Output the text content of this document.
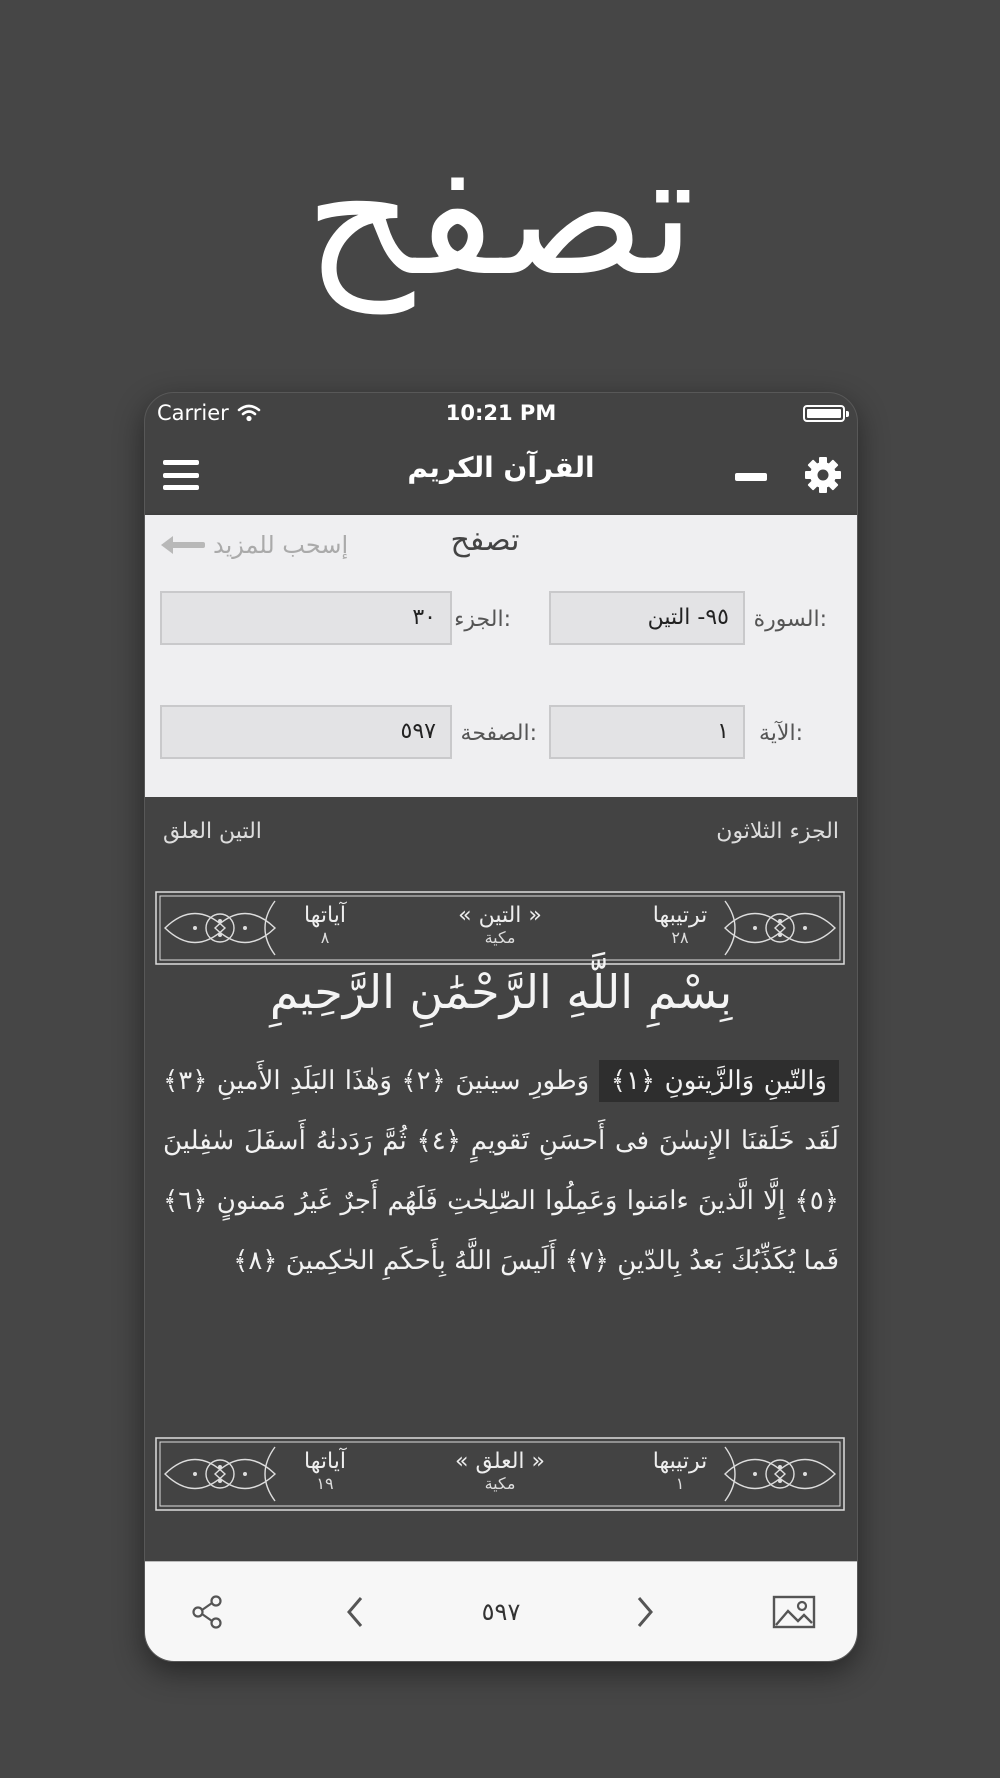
تصفح
Carrier	10:21 PM
القرآن الكريم
تصفح
إسحب للمزيد
السورة:
٩٥- التين
الجزء:
٣٠
الآية:
١
الصفحة:
٥٩٧
الجزء الثلاثون
التين العلق
ترتيبها
٢٨
« التين »
مكية
آياتها
٨
بِسْمِ اللَّهِ الرَّحْمَٰنِ الرَّحِيمِ
وَالتّينِ وَالزَّيتونِ ﴿١﴾ وَطورِ سينينَ ﴿٢﴾ وَهٰذَا البَلَدِ الأَمينِ ﴿٣﴾ لَقَد خَلَقنَا الإِنسٰنَ فى أَحسَنِ تَقويمٍ ﴿٤﴾ ثُمَّ رَدَدنٰهُ أَسفَلَ سٰفِلينَ ﴿٥﴾ إِلَّا الَّذينَ ءامَنوا وَعَمِلُوا الصّٰلِحٰتِ فَلَهُم أَجرٌ غَيرُ مَمنونٍ ﴿٦﴾ فَما يُكَذِّبُكَ بَعدُ بِالدّينِ ﴿٧﴾ أَلَيسَ اللَّهُ بِأَحكَمِ الحٰكِمينَ ﴿٨﴾
ترتيبها
١
« العلق »
مكية
آياتها
١٩
٥٩٧
